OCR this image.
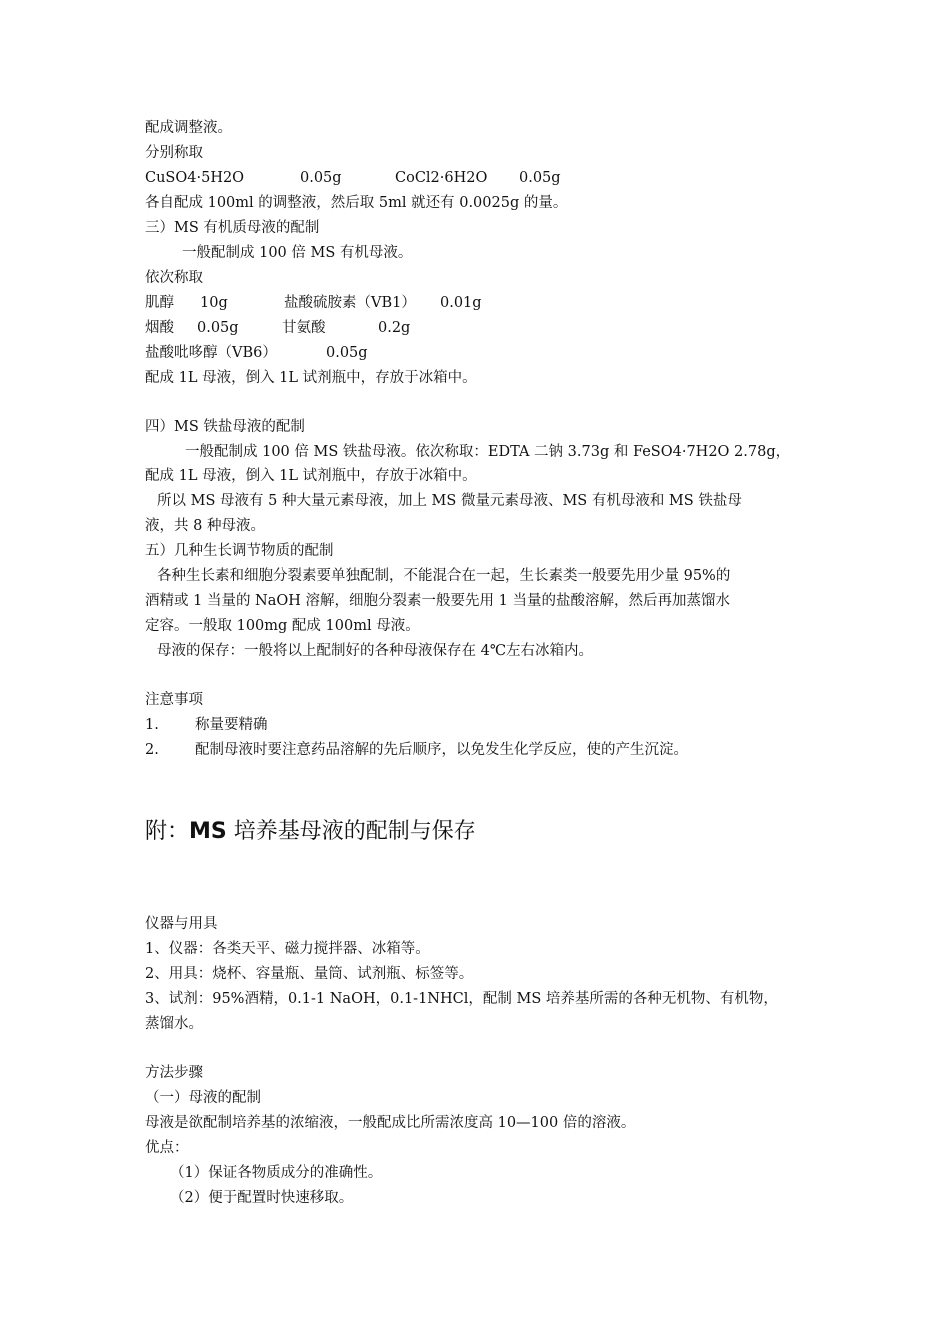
配成调整液。
分别称取
CuSO4·5H2O	0.05g	CoCl2·6H2O 0.05g
各自配成 100ml 的调整液，然后取 5ml 就还有 0.0025g 的量。
三）MS 有机质母液的配制
一般配制成 100 倍 MS 有机母液。
依次称取
肌醇 10g	盐酸硫胺素（VB1） 0.01g
烟酸 0.05g	甘氨酸	0.2g
盐酸吡哆醇（VB6）	0.05g
配成 1L 母液，倒入 1L 试剂瓶中，存放于冰箱中。
四）MS 铁盐母液的配制
一般配制成 100 倍 MS 铁盐母液。依次称取：EDTA 二钠 3.73g 和 FeSO4·7H2O 2.78g，
配成 1L 母液，倒入 1L 试剂瓶中，存放于冰箱中。
所以 MS 母液有 5 种大量元素母液，加上 MS 微量元素母液、MS 有机母液和 MS 铁盐母
液，共 8 种母液。
五）几种生长调节物质的配制
各种生长素和细胞分裂素要单独配制，不能混合在一起，生长素类一般要先用少量 95%的
酒精或 1 当量的 NaOH 溶解，细胞分裂素一般要先用 1 当量的盐酸溶解，然后再加蒸馏水
定容。一般取 100mg 配成 100ml 母液。
母液的保存：一般将以上配制好的各种母液保存在 4℃左右冰箱内。
注意事项
1. 称量要精确
2. 配制母液时要注意药品溶解的先后顺序，以免发生化学反应，使的产生沉淀。
附：MS 培养基母液的配制与保存
仪器与用具
1、仪器：各类天平、磁力搅拌器、冰箱等。
2、用具：烧杯、容量瓶、量筒、试剂瓶、标签等。
3、试剂：95%酒精，0.1-1 NaOH，0.1-1NHCl，配制 MS 培养基所需的各种无机物、有机物，
蒸馏水。
方法步骤
（一）母液的配制
母液是欲配制培养基的浓缩液，一般配成比所需浓度高 10—100 倍的溶液。
优点：
（1）保证各物质成分的准确性。
（2）便于配置时快速移取。
